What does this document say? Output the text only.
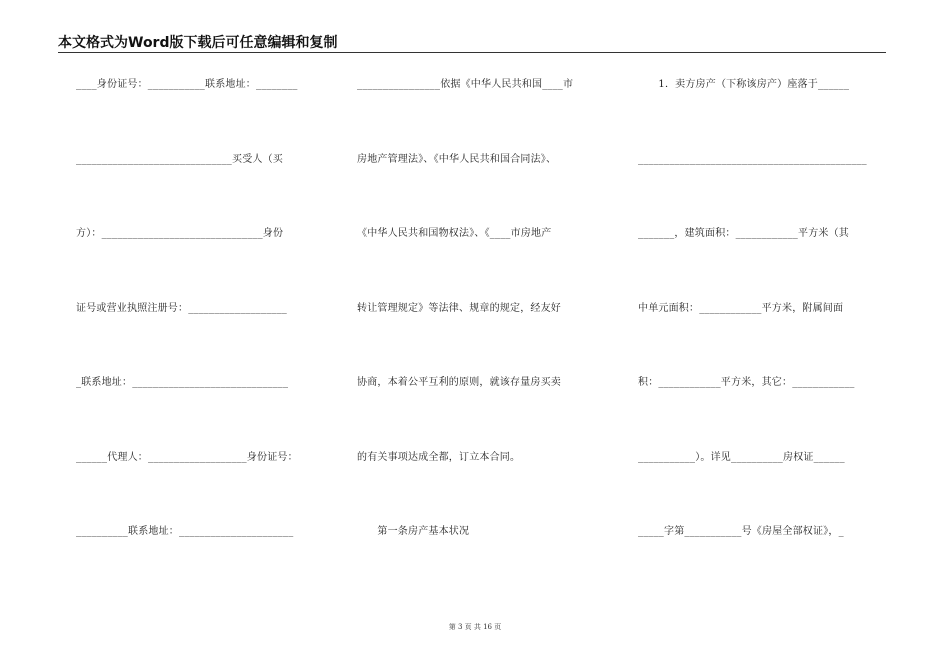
本文格式为Word版下载后可任意编辑和复制
____身份证号：___________联系地址：________
______________________________买受人（买
方）：_______________________________身份
证号或营业执照注册号：___________________
_联系地址：______________________________
______代理人：___________________身份证号：
__________联系地址：______________________
________________依据《中华人民共和国____市
房地产管理法》、《中华人民共和国合同法》、
《中华人民共和国物权法》、《____市房地产
转让管理规定》等法律、规章的规定，经友好
协商，本着公平互利的原则，就该存量房买卖
的有关事项达成全都，订立本合同。
　　第一条房产基本状况
　　1．卖方房产（下称该房产）座落于______
____________________________________________
_______，建筑面积：____________平方米（其
中单元面积：____________平方米，附属间面
积：____________平方米，其它：____________
___________）。详见__________房权证______
_____字第___________号《房屋全部权证》，_
第 3 页 共 16 页
